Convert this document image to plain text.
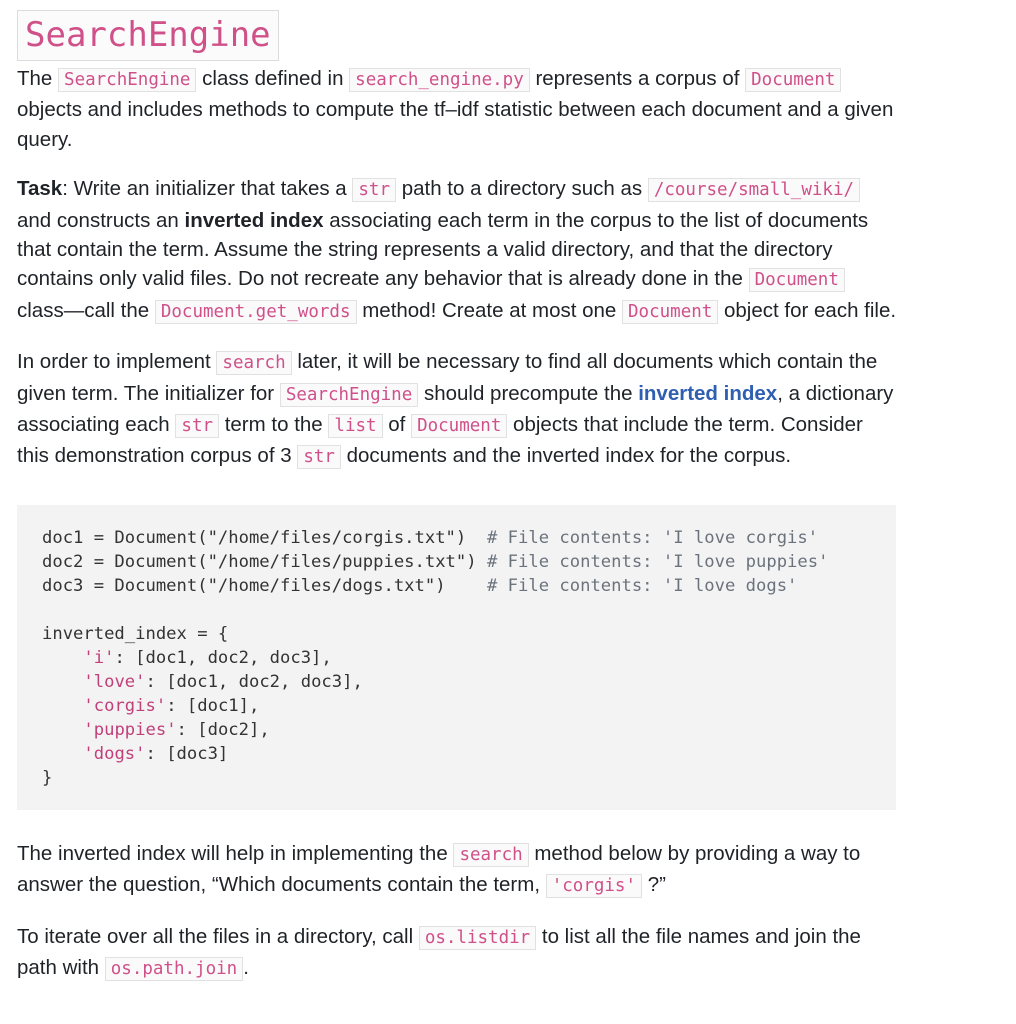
SearchEngine

The SearchEngine class defined in search_engine.py represents a corpus of Document objects and includes methods to compute the tf–idf statistic between each document and a given query.

Task: Write an initializer that takes a str path to a directory such as /course/small_wiki/ and constructs an inverted index associating each term in the corpus to the list of documents that contain the term. Assume the string represents a valid directory, and that the directory contains only valid files. Do not recreate any behavior that is already done in the Document class—call the Document.get_words method! Create at most one Document object for each file.

In order to implement search later, it will be necessary to find all documents which contain the given term. The initializer for SearchEngine should precompute the inverted index, a dictionary associating each str term to the list of Document objects that include the term. Consider this demonstration corpus of 3 str documents and the inverted index for the corpus.

doc1 = Document("/home/files/corgis.txt")  # File contents: 'I love corgis'
doc2 = Document("/home/files/puppies.txt") # File contents: 'I love puppies'
doc3 = Document("/home/files/dogs.txt")    # File contents: 'I love dogs'
inverted_index = {
'i': [doc1, doc2, doc3],
'love': [doc1, doc2, doc3],
'corgis': [doc1],
'puppies': [doc2],
'dogs': [doc3]
}

The inverted index will help in implementing the search method below by providing a way to answer the question, “Which documents contain the term, 'corgis' ?”

To iterate over all the files in a directory, call os.listdir to list all the file names and join the path with os.path.join .
